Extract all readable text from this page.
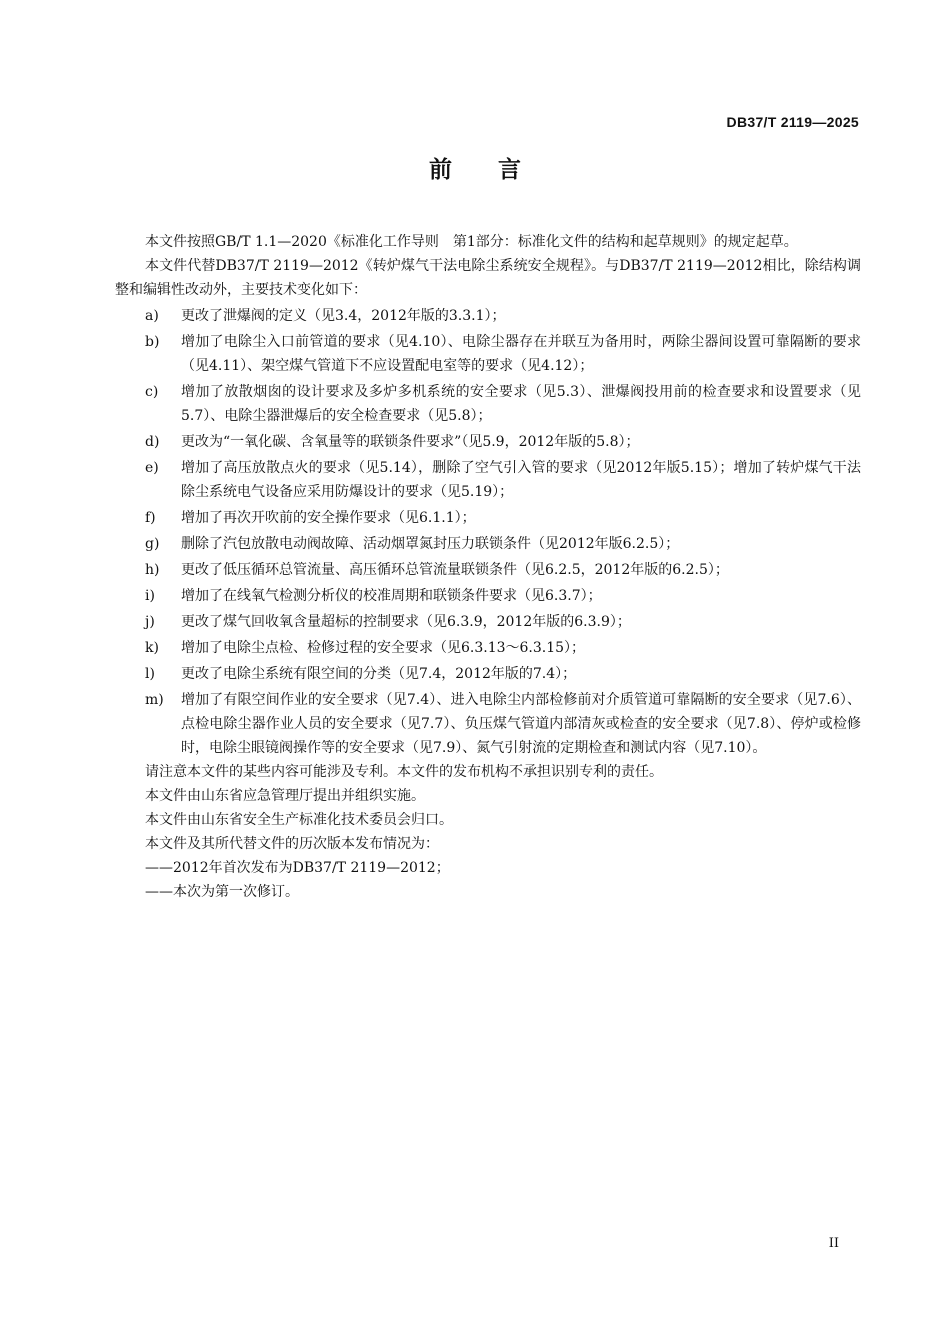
DB37/T 2119—2025
前言

本文件按照GB/T 1.1—2020《标准化工作导则　第1部分：标准化文件的结构和起草规则》的规定起草。

本文件代替DB37/T 2119—2012《转炉煤气干法电除尘系统安全规程》。与DB37/T 2119—2012相比，除结构调整和编辑性改动外，主要技术变化如下：

a)	更改了泄爆阀的定义（见3.4，2012年版的3.3.1）；
b)	增加了电除尘入口前管道的要求（见4.10）、电除尘器存在并联互为备用时，两除尘器间设置可靠隔断的要求（见4.11）、架空煤气管道下不应设置配电室等的要求（见4.12）；
c)	增加了放散烟囱的设计要求及多炉多机系统的安全要求（见5.3）、泄爆阀投用前的检查要求和设置要求（见5.7）、电除尘器泄爆后的安全检查要求（见5.8）；
d)	更改为“一氧化碳、含氧量等的联锁条件要求”（见5.9，2012年版的5.8）；
e)	增加了高压放散点火的要求（见5.14），删除了空气引入管的要求（见2012年版5.15）；增加了转炉煤气干法除尘系统电气设备应采用防爆设计的要求（见5.19）；
f)	增加了再次开吹前的安全操作要求（见6.1.1）；
g)	删除了汽包放散电动阀故障、活动烟罩氮封压力联锁条件（见2012年版6.2.5）；
h)	更改了低压循环总管流量、高压循环总管流量联锁条件（见6.2.5，2012年版的6.2.5）；
i)	增加了在线氧气检测分析仪的校准周期和联锁条件要求（见6.3.7）；
j)	更改了煤气回收氧含量超标的控制要求（见6.3.9，2012年版的6.3.9）；
k)	增加了电除尘点检、检修过程的安全要求（见6.3.13～6.3.15）；
l)	更改了电除尘系统有限空间的分类（见7.4，2012年版的7.4）；
m)	增加了有限空间作业的安全要求（见7.4）、进入电除尘内部检修前对介质管道可靠隔断的安全要求（见7.6）、点检电除尘器作业人员的安全要求（见7.7）、负压煤气管道内部清灰或检查的安全要求（见7.8）、停炉或检修时，电除尘眼镜阀操作等的安全要求（见7.9）、氮气引射流的定期检查和测试内容（见7.10）。

请注意本文件的某些内容可能涉及专利。本文件的发布机构不承担识别专利的责任。

本文件由山东省应急管理厅提出并组织实施。

本文件由山东省安全生产标准化技术委员会归口。

本文件及其所代替文件的历次版本发布情况为：

——2012年首次发布为DB37/T 2119—2012；

——本次为第一次修订。

II
